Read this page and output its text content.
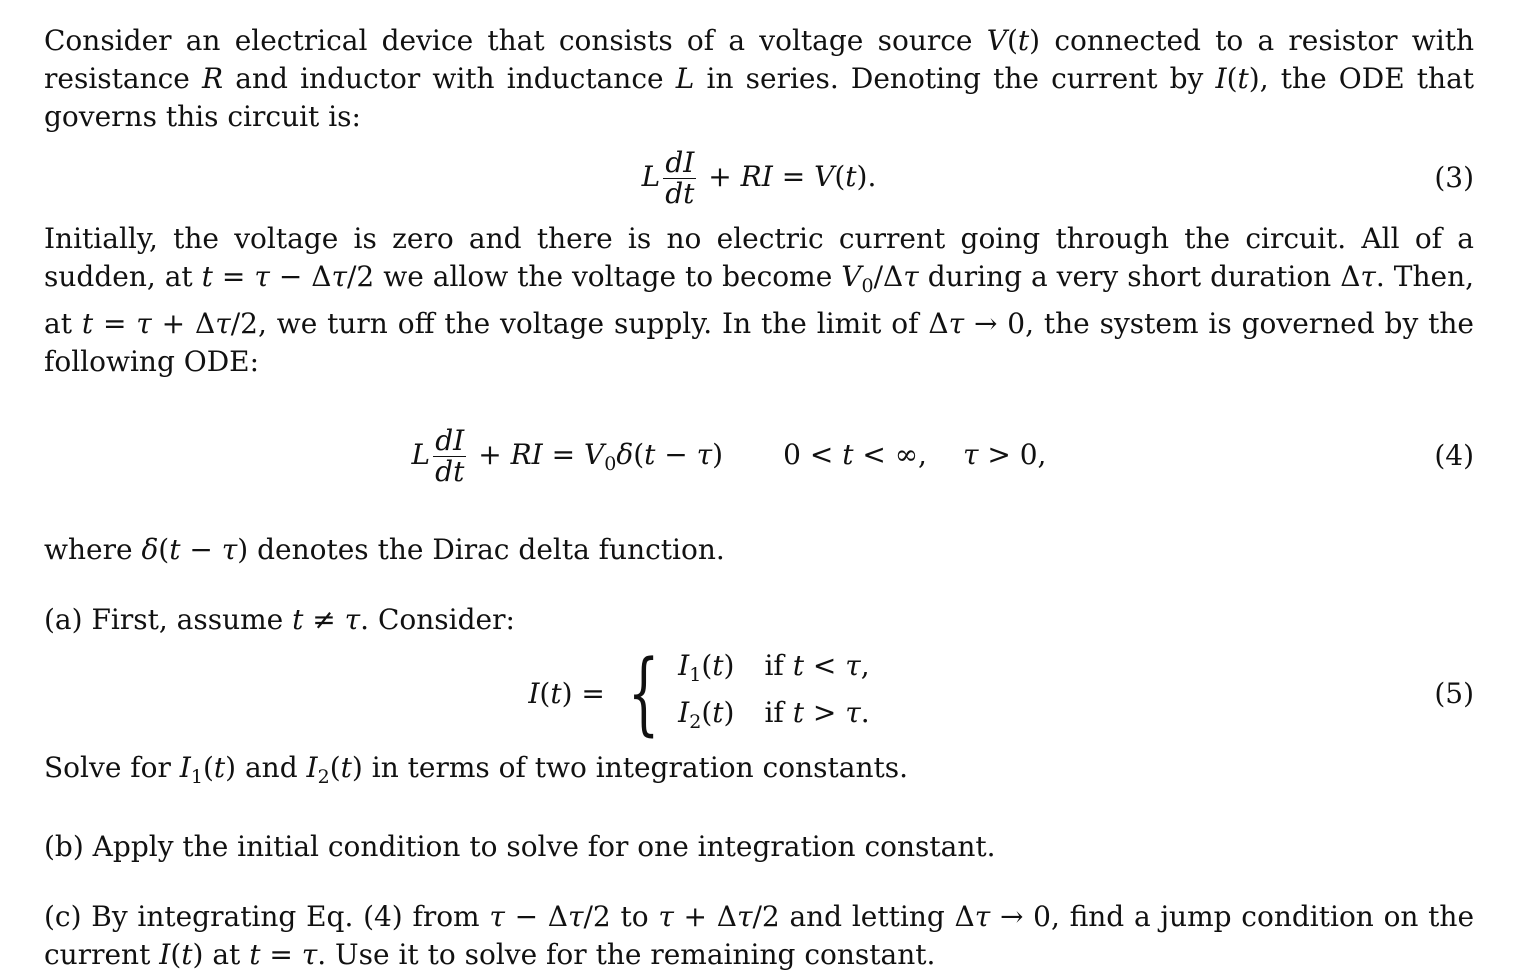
Consider an electrical device that consists of a voltage source V(t) connected to a resistor with resistance R and inductor with inductance L in series. Denoting the current by I(t), the ODE that governs this circuit is:

L $\frac{dI}{dt}$ + RI = V(t).	(3)

Initially, the voltage is zero and there is no electric current going through the circuit. All of a sudden, at t = τ − Δτ/2 we allow the voltage to become $V_0/\Delta\tau$ during a very short duration Δτ. Then, at t = τ + Δτ/2, we turn off the voltage supply. In the limit of Δτ → 0, the system is governed by the following ODE:

L $\frac{dI}{dt}$ + RI = $V_0\delta(t - \tau) 0 < t$ < ∞, τ > 0,	(4)

where δ(t − τ) denotes the Dirac delta function.

(a) First, assume t ≠ τ. Consider:

I(t) = { $I_1(t)$ if t < τ,
$I_2(t)$ if t > τ.
(5)

Solve for $I_1(t)$ and $I_2(t)$ in terms of two integration constants.

(b) Apply the initial condition to solve for one integration constant.

(c) By integrating Eq. (4) from τ − Δτ/2 to τ + Δτ/2 and letting Δτ → 0, find a jump condition on the current I(t) at t = τ. Use it to solve for the remaining constant.
